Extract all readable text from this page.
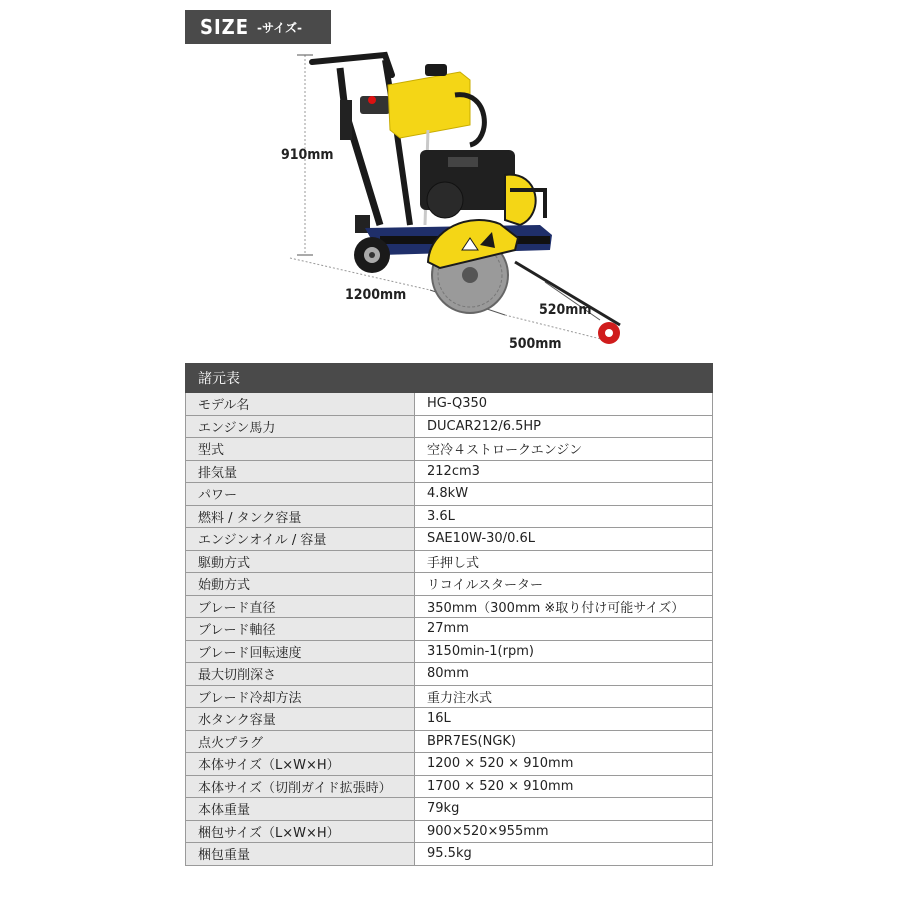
SIZE -サイズ-
910mm
1200mm
520mm
500mm
諸元表	
モデル名	HG-Q350
エンジン馬力	DUCAR212/6.5HP
型式	空冷４ストロークエンジン
排気量	212cm3
パワー	4.8kW
燃料 / タンク容量	3.6L
エンジンオイル / 容量	SAE10W-30/0.6L
駆動方式	手押し式
始動方式	リコイルスターター
ブレード直径	350mm（300mm ※取り付け可能サイズ）
ブレード軸径	27mm
ブレード回転速度	3150min-1(rpm)
最大切削深さ	80mm
ブレード冷却方法	重力注水式
水タンク容量	16L
点火プラグ	BPR7ES(NGK)
本体サイズ（L×W×H）	1200 × 520 × 910mm
本体サイズ（切削ガイド拡張時）	1700 × 520 × 910mm
本体重量	79kg
梱包サイズ（L×W×H）	900×520×955mm
梱包重量	95.5kg
